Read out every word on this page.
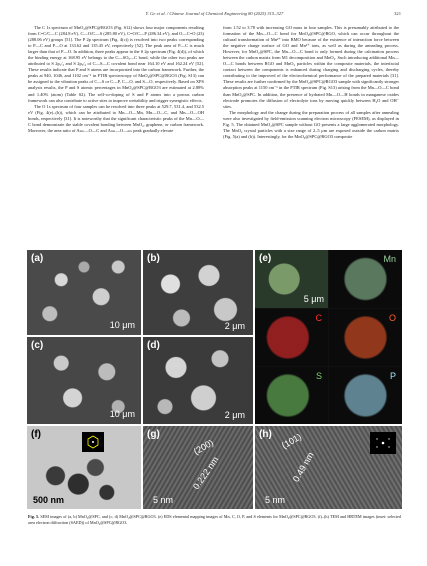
Y. Ge et al. / Chinese Journal of Chemical Engineering 80 (2025) 315–327	321

The C 1s spectrum of MnO₂@SPC@RGO3 (Fig. S12) shows four major components resulting from C=C/C—C (284.8 eV), C—O/C—S (285.80 eV), C=O/C—P (286.34 eV), and O—C=O (23)(288.06 eV) groups [51]. The P 2p spectrum (Fig. 4(c)) is resolved into two peaks corresponding to P—C and P—O at 133.62 and 135.45 eV, respectively [52]. The peak area of P—C is much larger than that of P—O. In addition, three peaks appear in the S 2p spectrum (Fig. 4(d)), of which the binding energy at 168.95 eV belongs to the C—SOₓ—C bond, while the other two peaks are attributed to S 2p₁/₂ and S 2p₃/₂ of C—S—C covalent bond near 164.10 eV and 162.24 eV [52]. These results indicate that P and S atoms are incorporated into the carbon framework. Further, the peaks at 940, 1046, and 1102 cm⁻¹ in FTIR spectroscopy of MnO₂@SPC@RGO3 (Fig. S13) can be assigned to the vibration peaks of C—S or C—P, C—O, and S—O, respectively. Based on XPS analysis results, the P and S atomic percentages in MnO₂@SPC@RGO3 are estimated at 2.88% and 1.40% (atom) (Table S2). The self-co-doping of S and P atoms into a porous carbon framework can also contribute to active sites to improve wettability and trigger synergistic effects.

The O 1s spectrum of four samples can be resolved into three peaks at 529.7, 531.4, and 532.5 eV (Fig. 4(e)–(h)), which can be attributed to Mn—O—Mn, Mn—O—C, and Mn—O—OH bonds, respectively [31]. It is noteworthy that the significant characteristic peaks of the Mn—O—C bond demonstrate the stable covalent bonding between MnO₂, graphene, or carbon framework. Moreover, the area ratio of Aₘₙ—O—C and Aₘₙ—O—ₘₙ peak gradually elevate

from 1.52 to 3.78 with increasing GO mass in four samples. This is presumably attributed to the formation of the Mn—O—C bond for MnO₂@SPC@RGO, which can occur throughout the cultural transformation of Mn²⁺ into BMO because of the existence of interaction force between the negative charge surface of GO and Mn²⁺ ions, as well as during the annealing process. However, for MnO₂@SPC, the Mn—O—C bond is only formed during the calcination process between the carbon matrix from M1 decomposition and MnO₂. Such introducing additional Mn—O—C bonds between RGO and MnO₂ particles within the composite materials, the interfacial contact between the components is enhanced during charging and discharging cycles, thereby contributing to the improved of the electrochemical performance of the prepared materials [31]. These results are further confirmed by the MnO₂@SPC@RGO3 sample with significantly stronger absorption peaks at 1150 cm⁻¹ in the FTIR spectrum (Fig. S13) arising from the Mn—O—C bond than MnO₂@SPC. In addition, the presence of hydrated Mn—O—H bonds in manganese oxides electrode promotes the diffusion of electrolyte ions by moving quickly between H₂O and OH⁻ sites.

The morphology and the change during the preparation process of all samples after annealing were also investigated by field-emission scanning electron microscopy (FESEM), as displayed in Fig. 5. The obtained MnO₂@SPC sample without GO presents a large agglomerated morphology. The MnO₂ crystal particles with a size range of 2–5 μm are exposed outside the carbon matrix (Fig. 5(a) and (b)). Interestingly, for the MnO₂@SPC@RGO3 composite

(a)
10 μm
(b)
2 μm
(c)
10 μm
(d)
2 μm
(e)
5 μm
Mn
C	O
S	P
(f)
500 nm
(g)
(200)
0.222 nm
5 nm
(h) (101)
0.49 nm
5 nm
Fig. 5. SEM images of (a, b) MnO₂@SPC, and (c, d) MnO₂@SPC@RGO3. (e) EDS elemental mapping images of Mn, C, O, P, and S elements for MnO₂@SPC@RGO3. (f)–(h) TEM and HRTEM images (inset: selected area electron diffraction (SAED)) of MnO₂@SPC@RGO3.
